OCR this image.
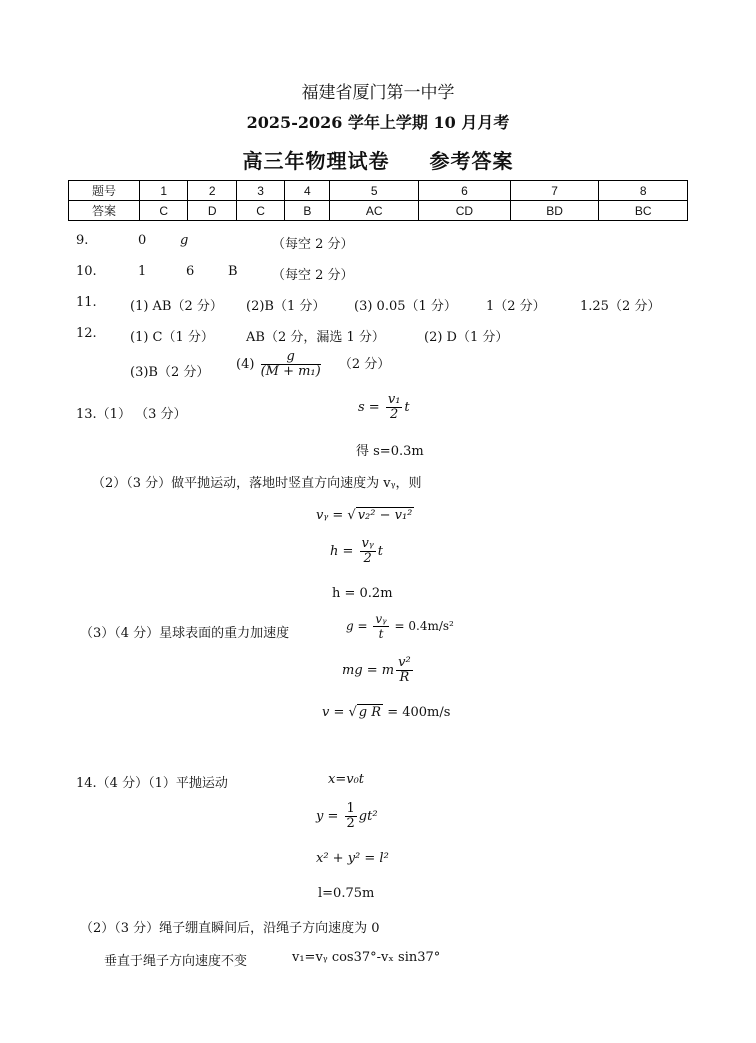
福建省厦门第一中学
2025-2026 学年上学期 10 月月考
高三年物理试卷 参考答案
题号	1	2	3	4	5	6	7	8
答案	C	D	C	B	AC	CD	BD	BC
9.	0	g	（每空 2 分）
10.	1	6	B	（每空 2 分）
11.	(1) AB（2 分） (2)B（1 分） (3) 0.05（1 分） 1（2 分）	1.25（2 分）
12.	(1) C（1 分） AB（2 分，漏选 1 分）	(2) D（1 分）
(3)B（2 分）
$(4) \frac{g}{\text{(M + m₁)}} (2$ 分）
13.（1） （3 分）	$s = \frac{\text{v₁}}{2}$ t
得 s=0.3m
（2）（3 分）做平抛运动，落地时竖直方向速度为 vᵧ，则
vᵧ = √ v₂² − v₁²
$h = \frac{\text{vᵧ}}{2}$ t
h = 0.2m
（3）（4 分）星球表面的重力加速度	$g = \frac{\text{vᵧ}}{t} = 0.4m/s^2$
mg = m $\frac{\text{v²}}{R}$
v = √ g R = 400m/s
14.（4 分）（1）平抛运动	x=v₀t
$y = \frac{1}{2} gt^2$
x² + y² = l²
l=0.75m
（2）（3 分）绳子绷直瞬间后，沿绳子方向速度为 0
垂直于绳子方向速度不变	v₁=vᵧ cos37°-vₓ sin37°
